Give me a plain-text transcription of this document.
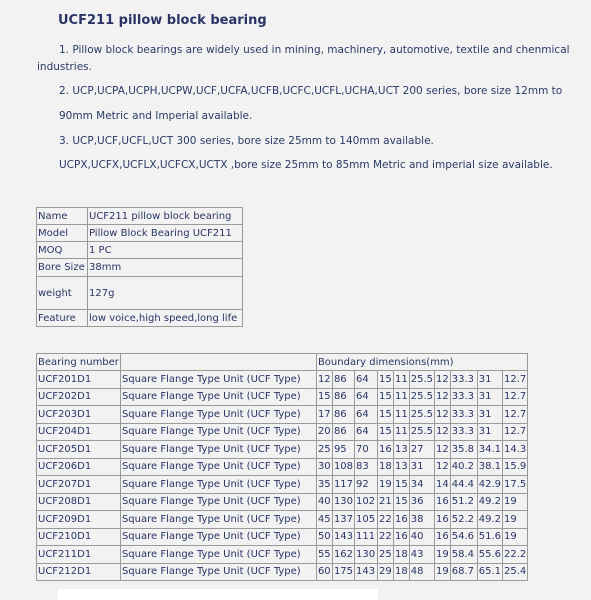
UCF211 pillow block bearing
1. Pillow block bearings are widely used in mining, machinery, automotive, textile and chenmical industries.
2. UCP,UCPA,UCPH,UCPW,UCF,UCFA,UCFB,UCFC,UCFL,UCHA,UCT 200 series, bore size 12mm to
90mm Metric and Imperial available.
3. UCP,UCF,UCFL,UCT 300 series, bore size 25mm to 140mm available.
UCPX,UCFX,UCFLX,UCFCX,UCTX ,bore size 25mm to 85mm Metric and imperial size available.
Name	UCF211 pillow block bearing
Model	Pillow Block Bearing UCF211
MOQ	1 PC
Bore Size	38mm
weight	127g
Feature	low voice,high speed,long life
Bearing number		Boundary dimensions(mm)									
UCF201D1	Square Flange Type Unit (UCF Type)	12	86	64	15	11	25.5	12	33.3	31	12.7
UCF202D1	Square Flange Type Unit (UCF Type)	15	86	64	15	11	25.5	12	33.3	31	12.7
UCF203D1	Square Flange Type Unit (UCF Type)	17	86	64	15	11	25.5	12	33.3	31	12.7
UCF204D1	Square Flange Type Unit (UCF Type)	20	86	64	15	11	25.5	12	33.3	31	12.7
UCF205D1	Square Flange Type Unit (UCF Type)	25	95	70	16	13	27	12	35.8	34.1	14.3
UCF206D1	Square Flange Type Unit (UCF Type)	30	108	83	18	13	31	12	40.2	38.1	15.9
UCF207D1	Square Flange Type Unit (UCF Type)	35	117	92	19	15	34	14	44.4	42.9	17.5
UCF208D1	Square Flange Type Unit (UCF Type)	40	130	102	21	15	36	16	51.2	49.2	19
UCF209D1	Square Flange Type Unit (UCF Type)	45	137	105	22	16	38	16	52.2	49.2	19
UCF210D1	Square Flange Type Unit (UCF Type)	50	143	111	22	16	40	16	54.6	51.6	19
UCF211D1	Square Flange Type Unit (UCF Type)	55	162	130	25	18	43	19	58.4	55.6	22.2
UCF212D1	Square Flange Type Unit (UCF Type)	60	175	143	29	18	48	19	68.7	65.1	25.4
